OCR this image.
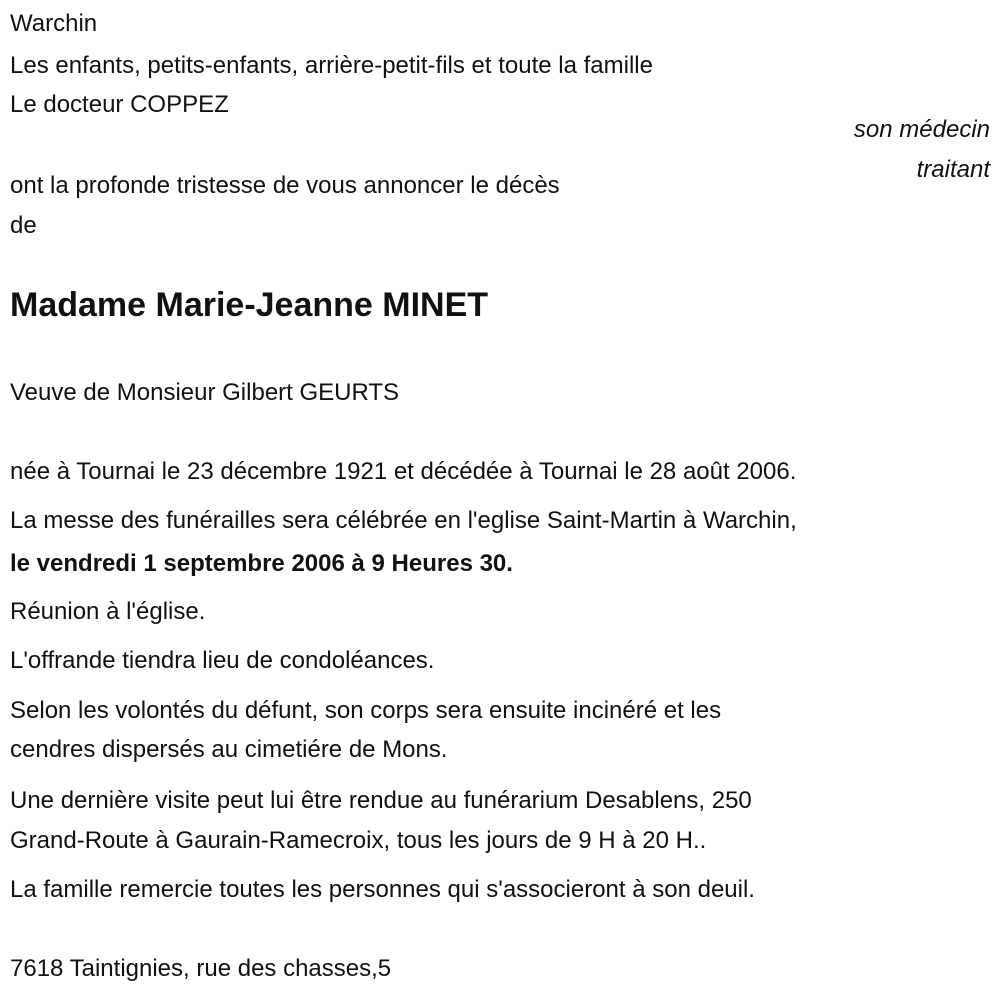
Warchin
Les enfants, petits-enfants, arrière-petit-fils et toute la famille
Le docteur COPPEZ
son médecin
traitant
ont la profonde tristesse de vous annoncer le décès
de
Madame Marie-Jeanne MINET
Veuve de Monsieur Gilbert GEURTS
née à Tournai le 23 décembre 1921 et décédée à Tournai le 28 août 2006.
La messe des funérailles sera célébrée en l'eglise Saint-Martin à Warchin,
le vendredi 1 septembre 2006 à 9 Heures 30.
Réunion à l'église.
L'offrande tiendra lieu de condoléances.
Selon les volontés du défunt, son corps sera ensuite incinéré et les
cendres dispersés au cimetiére de Mons.
Une dernière visite peut lui être rendue au funérarium Desablens, 250
Grand-Route à Gaurain-Ramecroix, tous les jours de 9 H à 20 H..
La famille remercie toutes les personnes qui s'associeront à son deuil.
7618 Taintignies, rue des chasses,5
